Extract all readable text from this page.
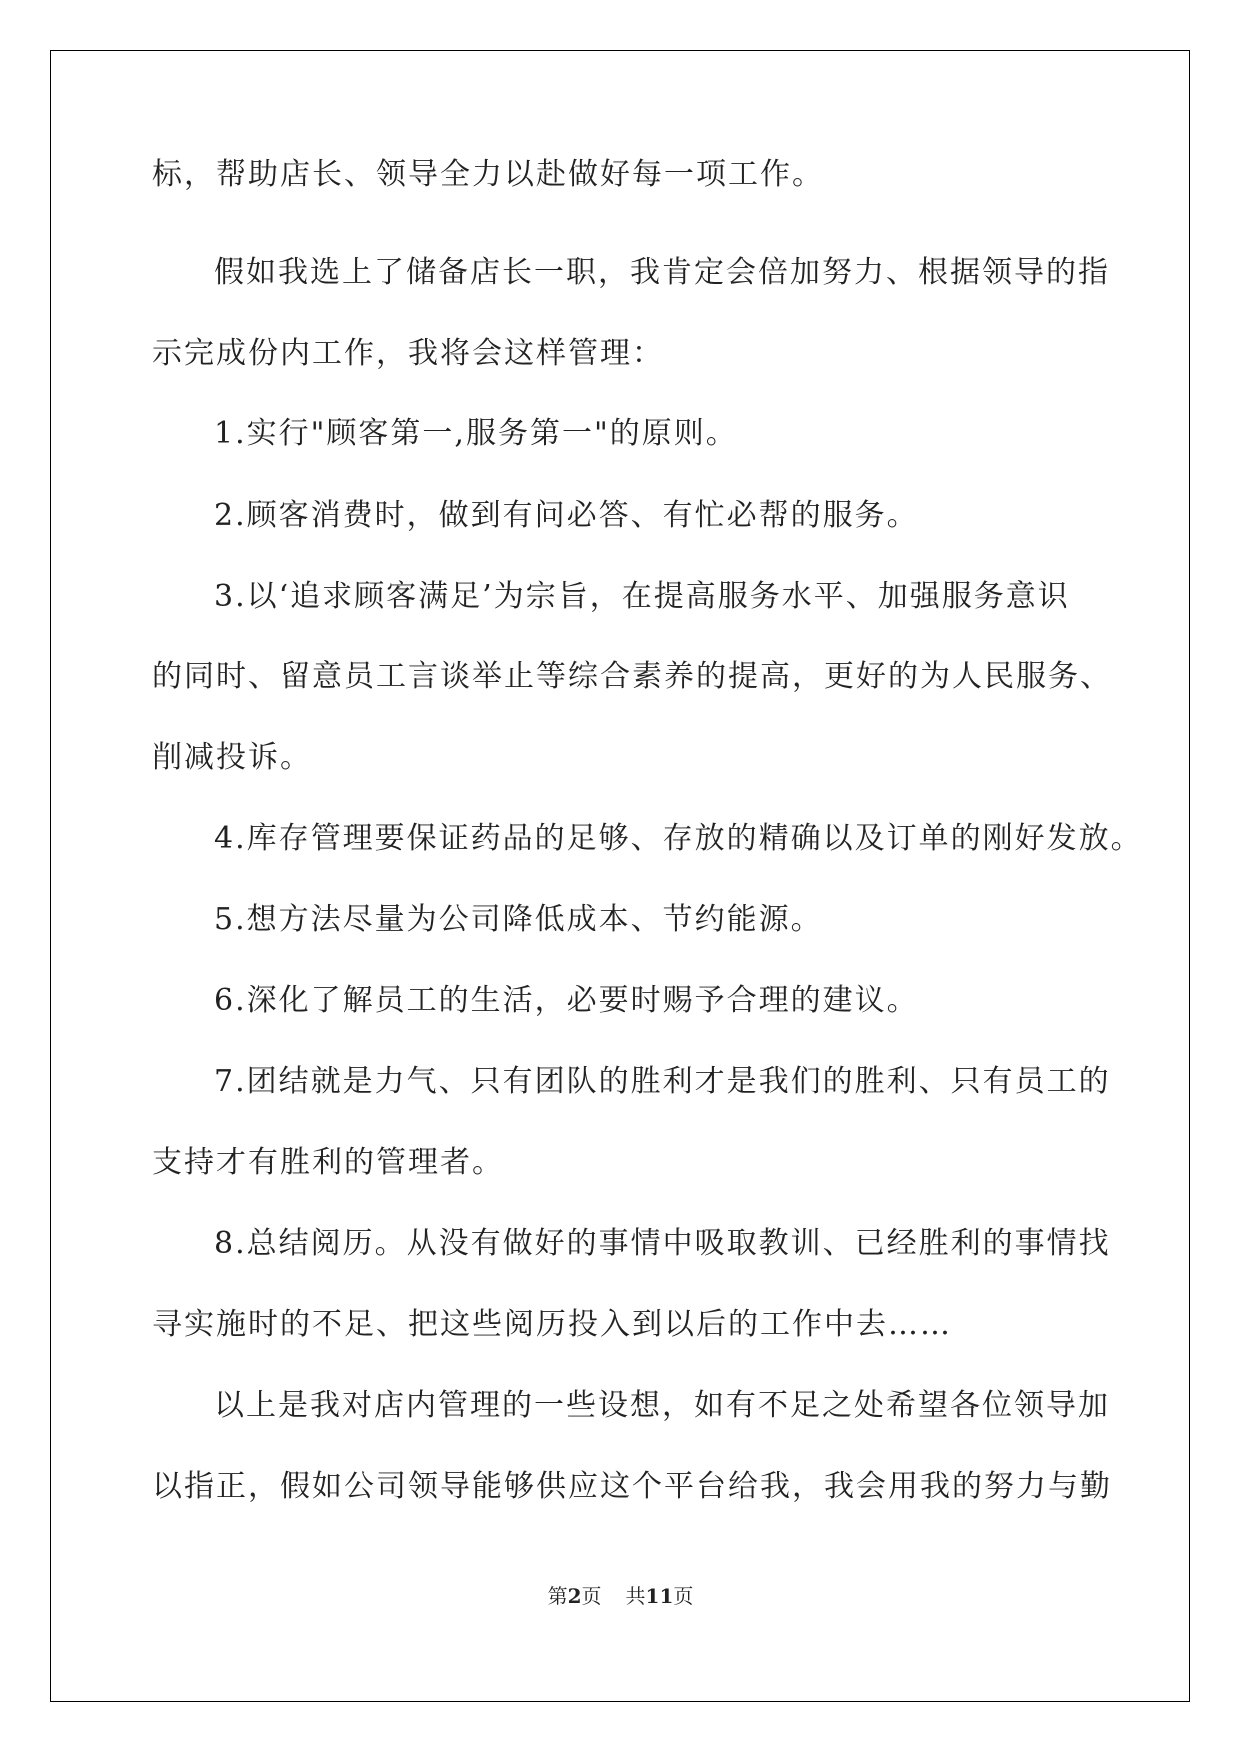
标，帮助店长、领导全力以赴做好每一项工作。
假如我选上了储备店长一职，我肯定会倍加努力、根据领导的指
示完成份内工作，我将会这样管理：
1.实行"顾客第一,服务第一"的原则。
2.顾客消费时，做到有问必答、有忙必帮的服务。
3.以‘追求顾客满足’为宗旨，在提高服务水平、加强服务意识
的同时、留意员工言谈举止等综合素养的提高，更好的为人民服务、
削减投诉。
4.库存管理要保证药品的足够、存放的精确以及订单的刚好发放。
5.想方法尽量为公司降低成本、节约能源。
6.深化了解员工的生活，必要时赐予合理的建议。
7.团结就是力气、只有团队的胜利才是我们的胜利、只有员工的
支持才有胜利的管理者。
8.总结阅历。从没有做好的事情中吸取教训、已经胜利的事情找
寻实施时的不足、把这些阅历投入到以后的工作中去……
以上是我对店内管理的一些设想，如有不足之处希望各位领导加
以指正，假如公司领导能够供应这个平台给我，我会用我的努力与勤
第2页 共11页
